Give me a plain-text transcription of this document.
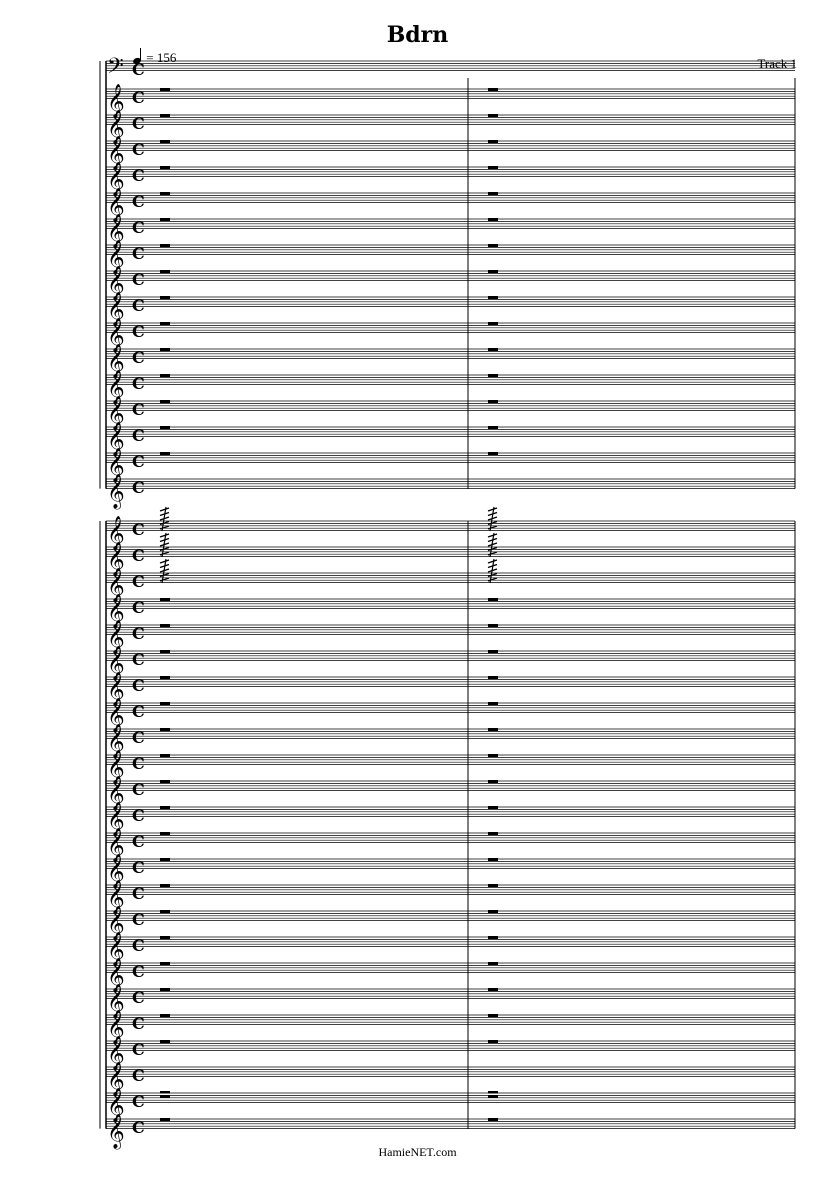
Bdrn
= 156	Track 1
𝄢 C
𝄞 C
𝄞 C
𝄞 C
𝄞 C
𝄞 C
𝄞 C
𝄞 C
𝄞 C
𝄞 C
𝄞 C
𝄞 C
𝄞 C
𝄞 C
𝄞 C
𝄞 C
𝄞 C
𝄞 C
𝄞 C
𝄞 C
𝄞 C
𝄞 C
𝄞 C
𝄞 C
𝄞 C
𝄞 C
𝄞 C
𝄞 C
𝄞 C
𝄞 C
𝄞 C
𝄞 C
𝄞 C
𝄞 C
𝄞 C
𝄞 C
𝄞 C
𝄞 C
𝄞 C
𝄞 C
𝄞 C
HamieNET.com
